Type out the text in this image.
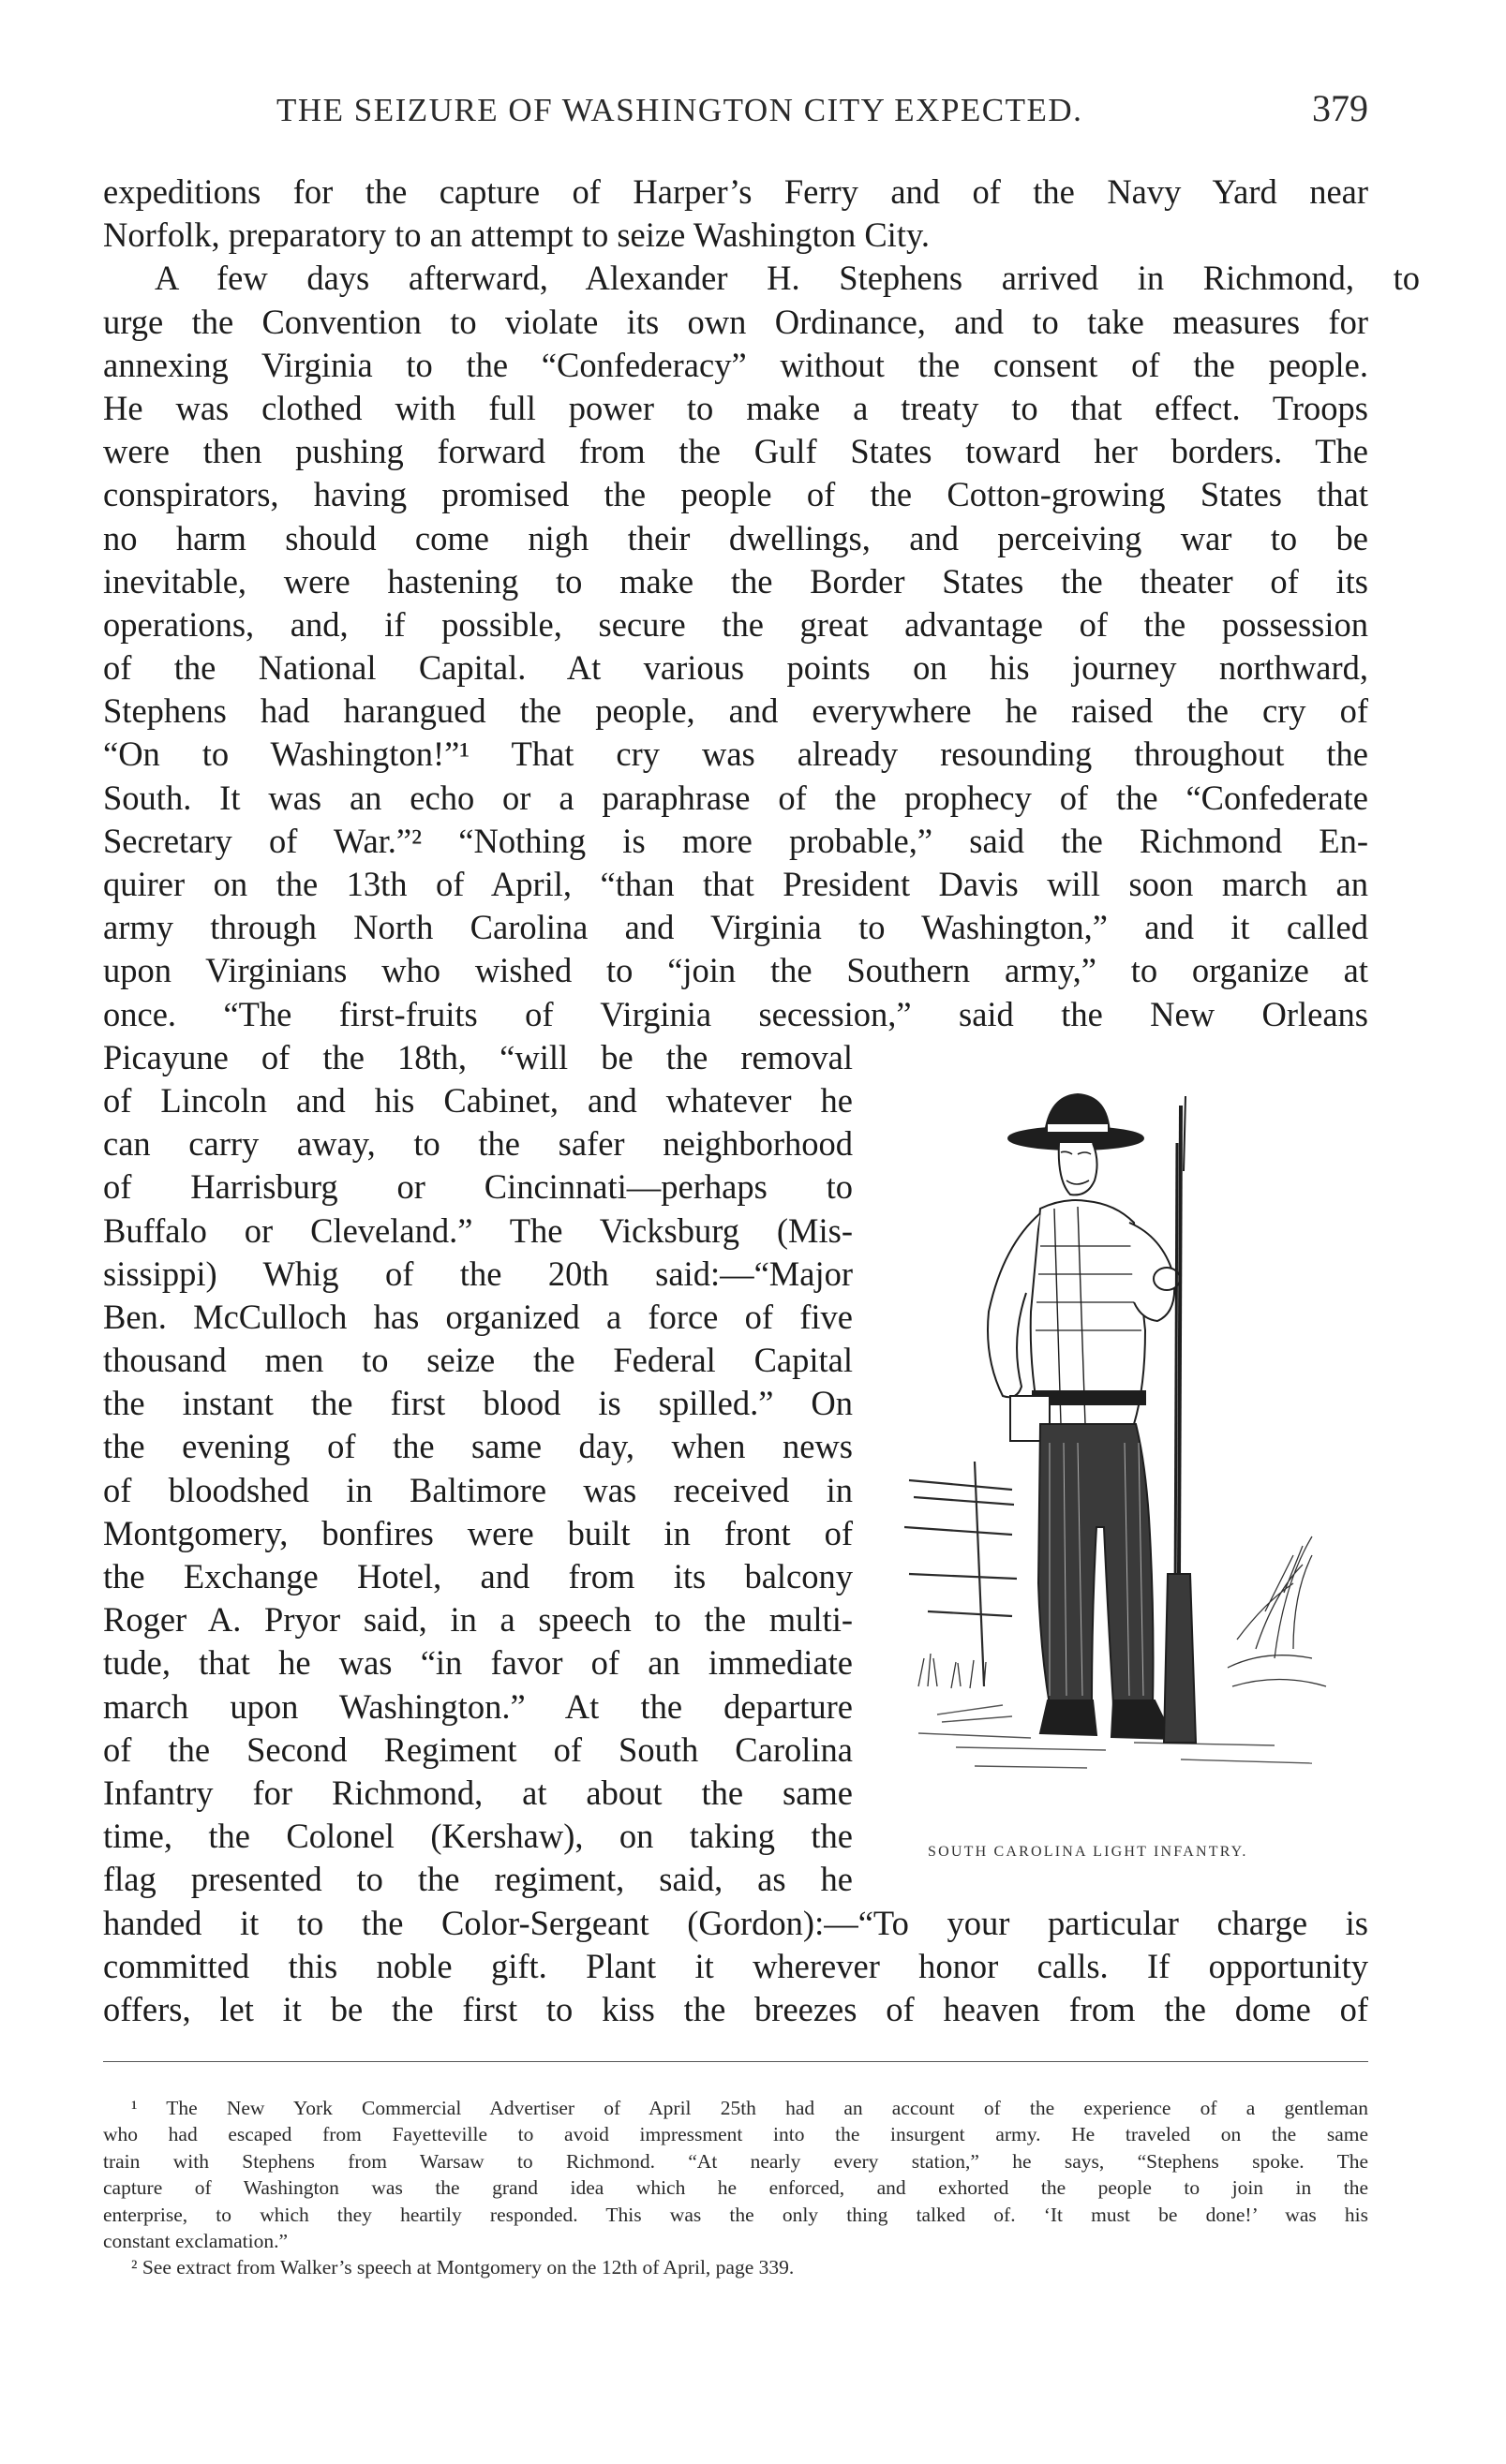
THE SEIZURE OF WASHINGTON CITY EXPECTED.	379
expeditions for the capture of Harper’s Ferry and of the Navy Yard near
Norfolk, preparatory to an attempt to seize Washington City.
A few days afterward, Alexander H. Stephens arrived in Richmond, to
urge the Convention to violate its own Ordinance, and to take measures for
annexing Virginia to the “Confederacy” without the consent of the people.
He was clothed with full power to make a treaty to that effect. Troops
were then pushing forward from the Gulf States toward her borders. The
conspirators, having promised the people of the Cotton-growing States that
no harm should come nigh their dwellings, and perceiving war to be
inevitable, were hastening to make the Border States the theater of its
operations, and, if possible, secure the great advantage of the possession
of the National Capital. At various points on his journey northward,
Stephens had harangued the people, and everywhere he raised the cry of
“On to Washington!”¹ That cry was already resounding throughout the
South. It was an echo or a paraphrase of the prophecy of the “Confederate
Secretary of War.”² “Nothing is more probable,” said the Richmond En-
quirer on the 13th of April, “than that President Davis will soon march an
army through North Carolina and Virginia to Washington,” and it called
upon Virginians who wished to “join the Southern army,” to organize at
once. “The first-fruits of Virginia secession,” said the New Orleans
Picayune of the 18th, “will be the removal
of Lincoln and his Cabinet, and whatever he
can carry away, to the safer neighborhood
of Harrisburg or Cincinnati—perhaps to
Buffalo or Cleveland.” The Vicksburg (Mis-
sissippi) Whig of the 20th said:—“Major
Ben. McCulloch has organized a force of five
thousand men to seize the Federal Capital
the instant the first blood is spilled.” On
the evening of the same day, when news
of bloodshed in Baltimore was received in
Montgomery, bonfires were built in front of
the Exchange Hotel, and from its balcony
Roger A. Pryor said, in a speech to the multi-
tude, that he was “in favor of an immediate
march upon Washington.” At the departure
of the Second Regiment of South Carolina
Infantry for Richmond, at about the same
time, the Colonel (Kershaw), on taking the
flag presented to the regiment, said, as he
handed it to the Color-Sergeant (Gordon):—“To your particular charge is
committed this noble gift. Plant it wherever honor calls. If opportunity
offers, let it be the first to kiss the breezes of heaven from the dome of
SOUTH CAROLINA LIGHT INFANTRY.
¹ The New York Commercial Advertiser of April 25th had an account of the experience of a gentleman
who had escaped from Fayetteville to avoid impressment into the insurgent army. He traveled on the same
train with Stephens from Warsaw to Richmond. “At nearly every station,” he says, “Stephens spoke. The
capture of Washington was the grand idea which he enforced, and exhorted the people to join in the
enterprise, to which they heartily responded. This was the only thing talked of. ‘It must be done!’ was his
constant exclamation.”
² See extract from Walker’s speech at Montgomery on the 12th of April, page 339.
